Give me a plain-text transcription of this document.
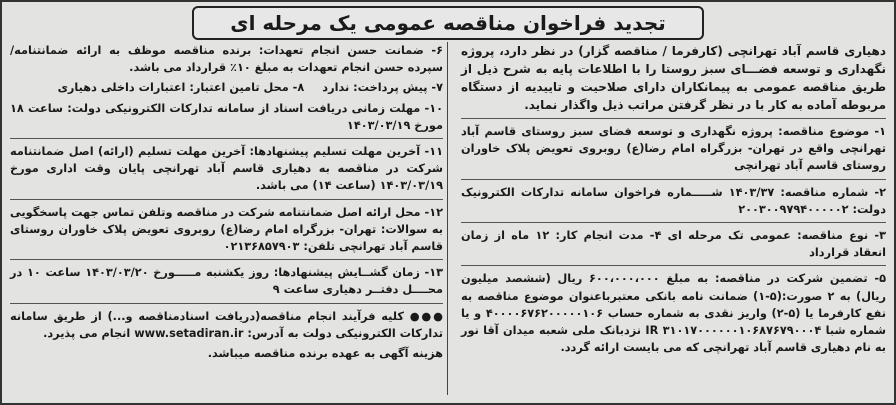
تجدید فراخوان مناقصه عمومی یک مرحله ای
دهیاری قاسم آباد تهرانچی (کارفرما / مناقصه گزار) در نظر دارد، پروژه نگهداری و توسعه فضـــای سبز روستا را با اطلاعات پایه به شرح ذیل از طریق مناقصه عمومی به پیمانکاران دارای صلاحیت و تاییدیه از دستگاه مربوطه آماده به کار با در نظر گرفتن مراتب ذیل واگذار نماید.
۱- موضوع مناقصه: پروژه نگهداری و توسعه فضای سبز روستای قاسم آباد تهرانچی واقع در تهران- بزرگراه امام رضا(ع) روبروی تعویض پلاک خاوران روستای قاسم آباد تهرانچی
۲- شماره مناقصه: ۱۴۰۳/۳۷ شـــــماره فراخوان سامانه تدارکات الکترونیک دولت: ۲۰۰۳۰۰۹۷۹۴۰۰۰۰۰۲
۳- نوع مناقصه: عمومی تک مرحله ای ۴- مدت انجام کار: ۱۲ ماه از زمان انعقاد قرارداد
۵- تضمین شرکت در مناقصه: به مبلغ ۶۰۰،۰۰۰،۰۰۰ ریال (ششصد میلیون ریال) به ۲ صورت:(۵-۱) ضمانت نامه بانکی معتبرباعنوان موضوع مناقصه به نفع کارفرما یا (۵-۲) واریز نقدی به شماره حساب ۴۰۰۰۰۶۷۶۲۰۰۰۰۰۱۰۶ و یا شماره شبا IR ۳۱۰۱۷۰۰۰۰۰۰۱۰۶۸۷۶۷۹۰۰۰۴ نزدبانک ملی شعبه میدان آقا نور به نام دهیاری قاسم آباد تهرانچی که می بایست ارائه گردد.
۶- ضمانت حسن انجام تعهدات: برنده مناقصه موظف به ارائه ضمانتنامه/ سپرده حسن انجام تعهدات به مبلغ ۱۰٪ قرارداد می باشد.
۷- پیش پرداخت: ندارد
۸- محل تامین اعتبار: اعتبارات داخلی دهیاری
۱۰- مهلت زمانی دریافت اسناد از سامانه تدارکات الکترونیکی دولت: ساعت ۱۸ مورخ ۱۴۰۳/۰۳/۱۹
۱۱- آخرین مهلت تسلیم پیشنهادها: آخرین مهلت تسلیم (ارائه) اصل ضمانتنامه شرکت در مناقصه به دهیاری قاسم آباد تهرانچی پایان وقت اداری مورخ ۱۴۰۳/۰۳/۱۹ (ساعت ۱۴) می باشد.
۱۲- محل ارائه اصل ضمانتنامه شرکت در مناقصه وتلفن تماس جهت پاسخگویی به سوالات: تهران- بزرگراه امام رضا(ع) روبروی تعویض پلاک خاوران روستای قاسم آباد تهرانچی تلفن: ۰۲۱۳۶۸۵۷۹۰۳
۱۳- زمان گشــایش پیشنهادها: روز یکشنبه مـــــورخ ۱۴۰۳/۰۳/۲۰ ساعت ۱۰ در محــــل دفتــر دهیاری ساعت ۹
●●● کلیه فرآیند انجام مناقصه(دریافت اسنادمناقصه و...) از طریق سامانه تدارکات الکترونیکی دولت به آدرس: www.setadiran.ir انجام می پذیرد.
هزینه آگهی به عهده برنده مناقصه میباشد.
